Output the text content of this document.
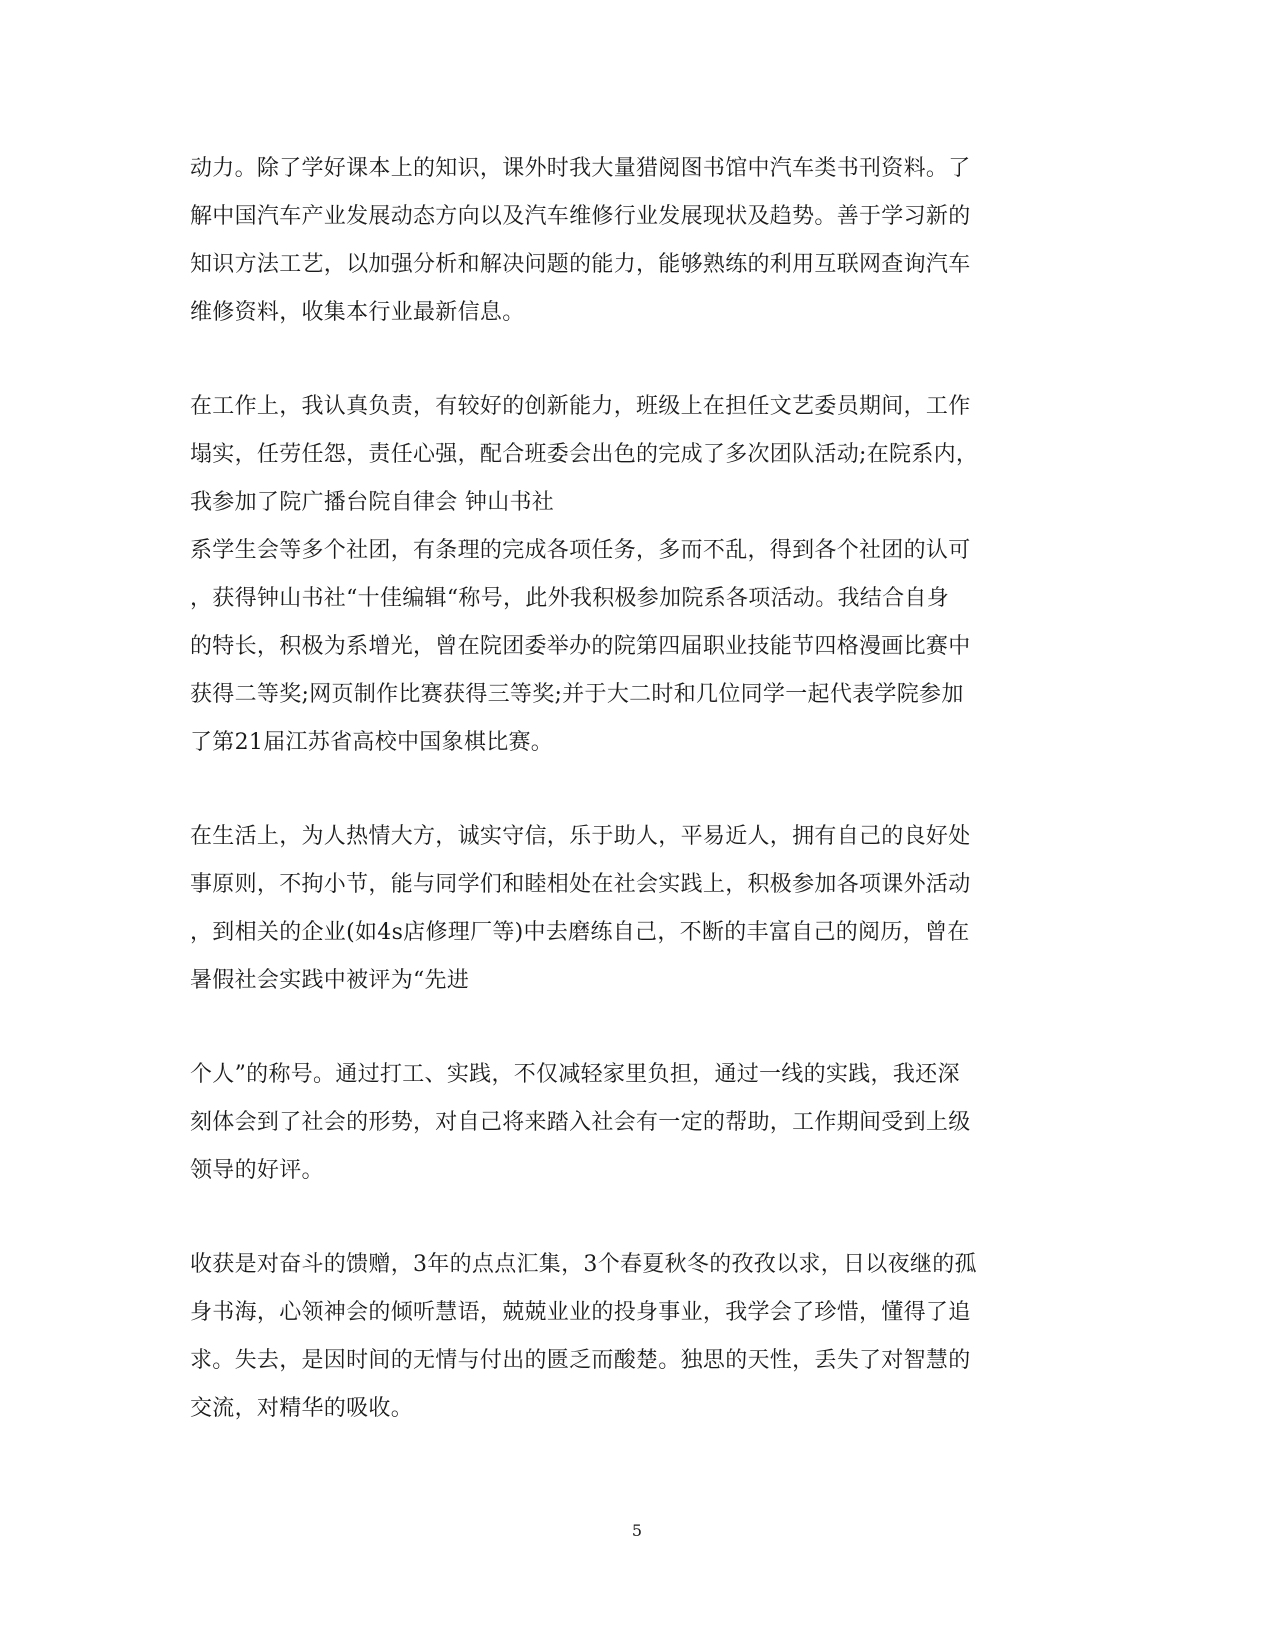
动力。除了学好课本上的知识，课外时我大量猎阅图书馆中汽车类书刊资料。了
解中国汽车产业发展动态方向以及汽车维修行业发展现状及趋势。善于学习新的
知识方法工艺，以加强分析和解决问题的能力，能够熟练的利用互联网查询汽车
维修资料，收集本行业最新信息。
在工作上，我认真负责，有较好的创新能力，班级上在担任文艺委员期间，工作
塌实，任劳任怨，责任心强，配合班委会出色的完成了多次团队活动;在院系内，
我参加了院广播台院自律会 钟山书社
系学生会等多个社团，有条理的完成各项任务，多而不乱，得到各个社团的认可
，获得钟山书社“十佳编辑“称号，此外我积极参加院系各项活动。我结合自身
的特长，积极为系增光，曾在院团委举办的院第四届职业技能节四格漫画比赛中
获得二等奖;网页制作比赛获得三等奖;并于大二时和几位同学一起代表学院参加
了第21届江苏省高校中国象棋比赛。
在生活上，为人热情大方，诚实守信，乐于助人，平易近人，拥有自己的良好处
事原则，不拘小节，能与同学们和睦相处在社会实践上，积极参加各项课外活动
，到相关的企业(如4s店修理厂等)中去磨练自己，不断的丰富自己的阅历，曾在
暑假社会实践中被评为“先进
个人”的称号。通过打工、实践，不仅减轻家里负担，通过一线的实践，我还深
刻体会到了社会的形势，对自己将来踏入社会有一定的帮助，工作期间受到上级
领导的好评。
收获是对奋斗的馈赠，3年的点点汇集，3个春夏秋冬的孜孜以求，日以夜继的孤
身书海，心领神会的倾听慧语，兢兢业业的投身事业，我学会了珍惜，懂得了追
求。失去，是因时间的无情与付出的匮乏而酸楚。独思的天性，丢失了对智慧的
交流，对精华的吸收。
5
